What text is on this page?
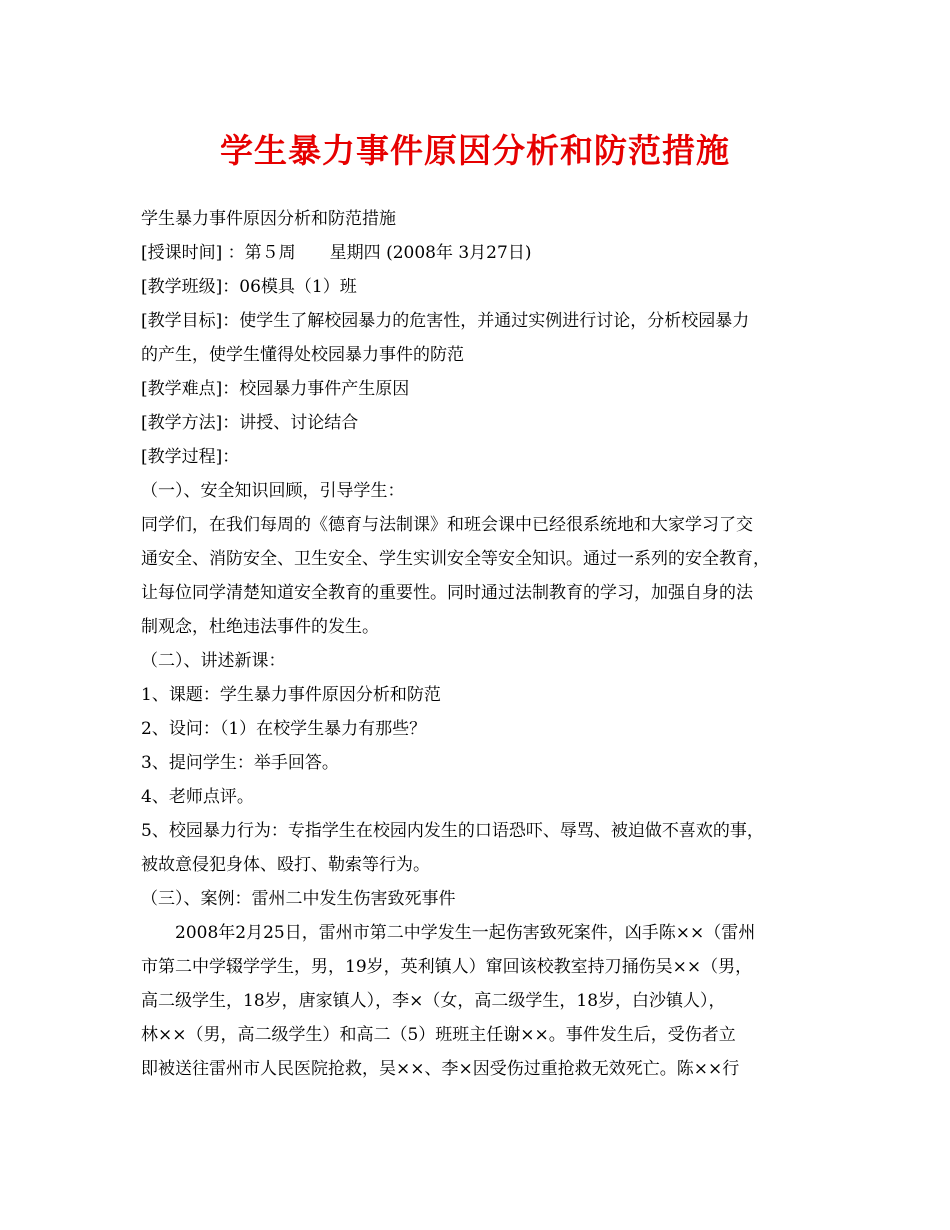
学生暴力事件原因分析和防范措施
学生暴力事件原因分析和防范措施
[授课时间] ：第５周　　星期四 (2008年 3月27日)
[教学班级]：06模具（1）班
[教学目标]：使学生了解校园暴力的危害性，并通过实例进行讨论，分析校园暴力
的产生，使学生懂得处校园暴力事件的防范
[教学难点]：校园暴力事件产生原因
[教学方法]：讲授、讨论结合
[教学过程]：
（一）、安全知识回顾，引导学生：
同学们，在我们每周的《德育与法制课》和班会课中已经很系统地和大家学习了交
通安全、消防安全、卫生安全、学生实训安全等安全知识。通过一系列的安全教育，
让每位同学清楚知道安全教育的重要性。同时通过法制教育的学习，加强自身的法
制观念，杜绝违法事件的发生。
（二）、讲述新课：
1、课题：学生暴力事件原因分析和防范
2、设问：（1）在校学生暴力有那些？
3、提问学生：举手回答。
4、老师点评。
5、校园暴力行为：专指学生在校园内发生的口语恐吓、辱骂、被迫做不喜欢的事，
被故意侵犯身体、殴打、勒索等行为。
（三）、案例：雷州二中发生伤害致死事件
　　2008年2月25日，雷州市第二中学发生一起伤害致死案件，凶手陈××（雷州
市第二中学辍学学生，男，19岁，英利镇人）窜回该校教室持刀捅伤吴××（男，
高二级学生，18岁，唐家镇人），李×（女，高二级学生，18岁，白沙镇人），
林××（男，高二级学生）和高二（5）班班主任谢××。事件发生后，受伤者立
即被送往雷州市人民医院抢救，吴××、李×因受伤过重抢救无效死亡。陈××行
